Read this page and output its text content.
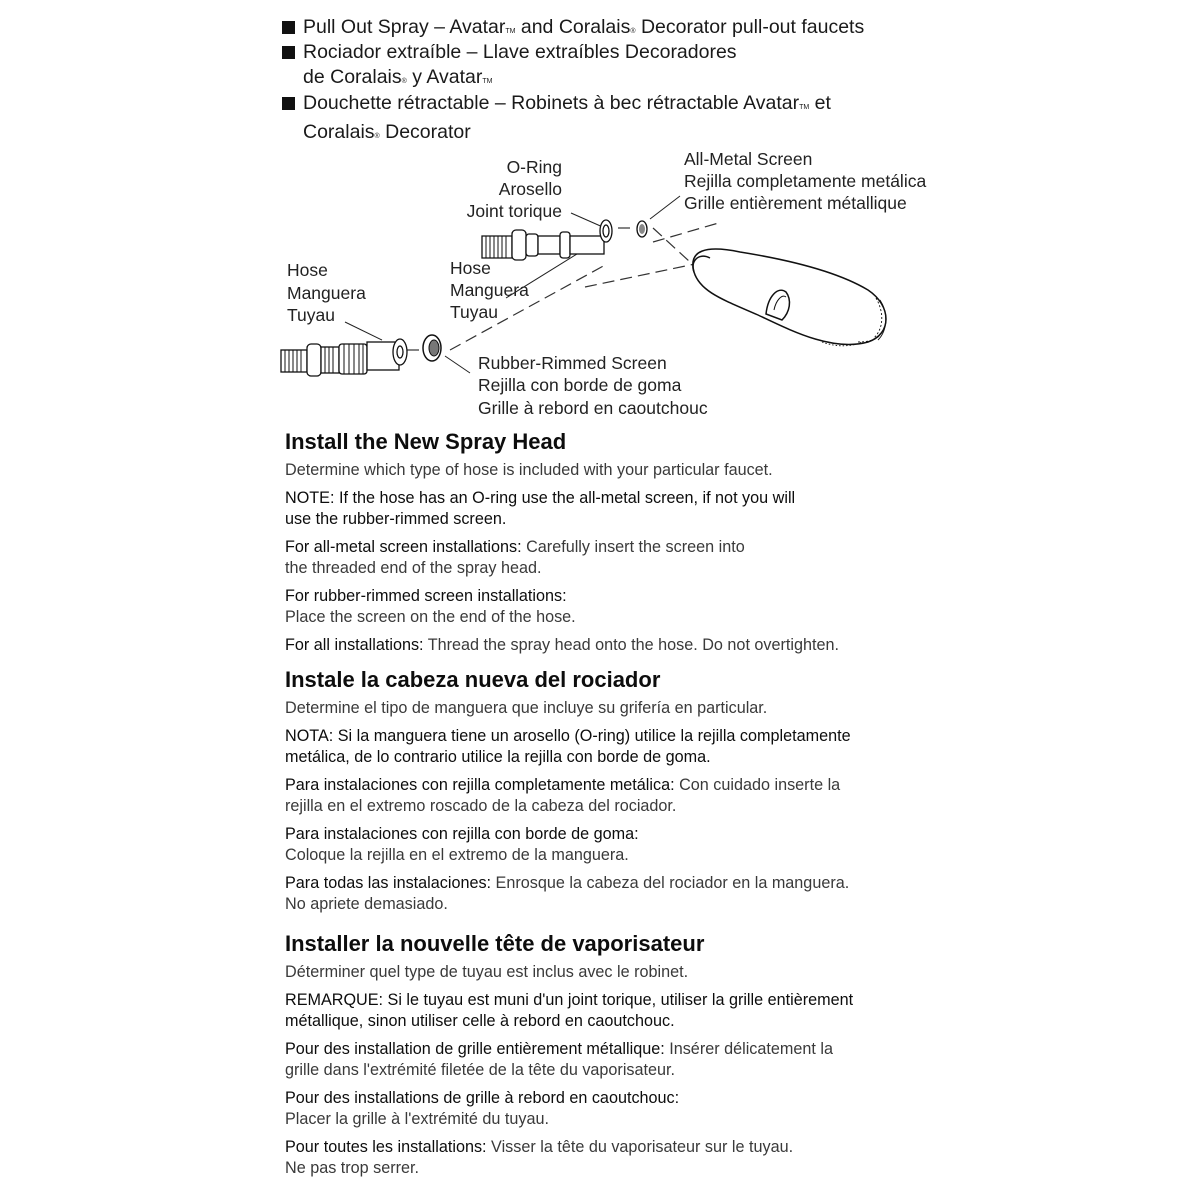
Pull Out Spray – AvatarTM and Coralais® Decorator pull-out faucets
Rociador extraíble – Llave extraíbles Decoradores
de Coralais® y AvatarTM
Douchette rétractable – Robinets à bec rétractable AvatarTM et
Coralais® Decorator
O-Ring
Arosello
Joint torique
All-Metal Screen
Rejilla completamente metálica
Grille entièrement métallique
Hose
Manguera
Tuyau
Hose
Manguera
Tuyau
Rubber-Rimmed Screen
Rejilla con borde de goma
Grille à rebord en caoutchouc
Install the New Spray Head

Determine which type of hose is included with your particular faucet.

NOTE: If the hose has an O-ring use the all-metal screen, if not you will
use the rubber-rimmed screen.

For all-metal screen installations: Carefully insert the screen into
the threaded end of the spray head.

For rubber-rimmed screen installations:
Place the screen on the end of the hose.

For all installations: Thread the spray head onto the hose. Do not overtighten.

Instale la cabeza nueva del rociador

Determine el tipo de manguera que incluye su grifería en particular.

NOTA: Si la manguera tiene un arosello (O-ring) utilice la rejilla completamente
metálica, de lo contrario utilice la rejilla con borde de goma.

Para instalaciones con rejilla completamente metálica: Con cuidado inserte la
rejilla en el extremo roscado de la cabeza del rociador.

Para instalaciones con rejilla con borde de goma:
Coloque la rejilla en el extremo de la manguera.

Para todas las instalaciones: Enrosque la cabeza del rociador en la manguera.
No apriete demasiado.

Installer la nouvelle tête de vaporisateur

Déterminer quel type de tuyau est inclus avec le robinet.

REMARQUE: Si le tuyau est muni d'un joint torique, utiliser la grille entièrement
métallique, sinon utiliser celle à rebord en caoutchouc.

Pour des installation de grille entièrement métallique: Insérer délicatement la
grille dans l'extrémité filetée de la tête du vaporisateur.

Pour des installations de grille à rebord en caoutchouc:
Placer la grille à l'extrémité du tuyau.

Pour toutes les installations: Visser la tête du vaporisateur sur le tuyau.
Ne pas trop serrer.
